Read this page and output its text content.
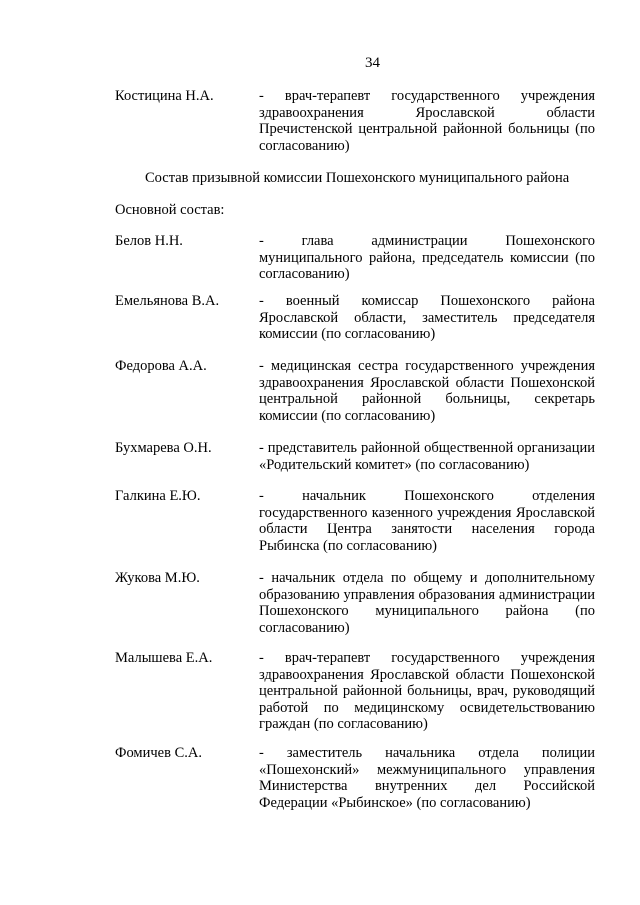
34
Костицина Н.А.	- врач-терапевт государственного учреждения здравоохранения Ярославской области Пречистенской центральной районной больницы (по согласованию)
Состав призывной комиссии Пошехонского муниципального района
Основной состав:
Белов Н.Н.	- глава администрации Пошехонского муниципального района, председатель комиссии (по согласованию)
Емельянова В.А.	- военный комиссар Пошехонского района Ярославской области, заместитель председателя комиссии (по согласованию)
Федорова А.А.	- медицинская сестра государственного учреждения здравоохранения Ярославской области Пошехонской центральной районной больницы, секретарь комиссии (по согласованию)
Бухмарева О.Н.	- представитель районной общественной организации «Родительский комитет» (по согласованию)
Галкина Е.Ю.	- начальник Пошехонского отделения государственного казенного учреждения Ярославской области Центра занятости населения города Рыбинска (по согласованию)
Жукова М.Ю.	- начальник отдела по общему и дополнительному образованию управления образования администрации Пошехонского муниципального района (по согласованию)
Малышева Е.А.	- врач-терапевт государственного учреждения здравоохранения Ярославской области Пошехонской центральной районной больницы, врач, руководящий работой по медицинскому освидетельствованию граждан (по согласованию)
Фомичев С.А.	- заместитель начальника отдела полиции «Пошехонский» межмуниципального управления Министерства внутренних дел Российской Федерации «Рыбинское» (по согласованию)
